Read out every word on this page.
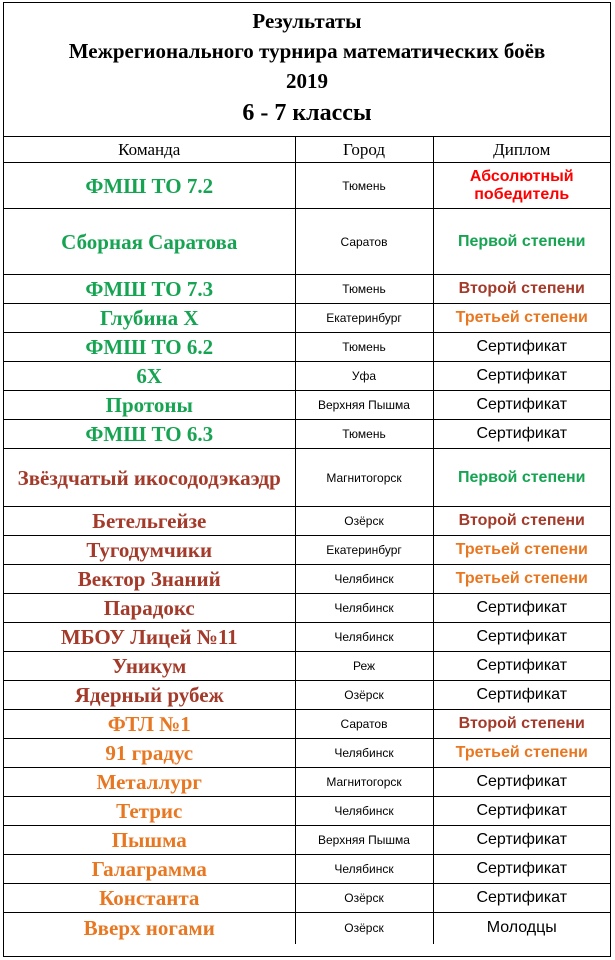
Результаты
Межрегионального турнира математических боёв
2019
6 - 7 классы
Команда	Город	Диплом
ФМШ ТО 7.2	Тюмень	Абсолютный победитель
Сборная Саратова	Саратов	Первой степени
ФМШ ТО 7.3	Тюмень	Второй степени
Глубина X	Екатеринбург	Третьей степени
ФМШ ТО 6.2	Тюмень	Сертификат
6X	Уфа	Сертификат
Протоны	Верхняя Пышма	Сертификат
ФМШ ТО 6.3	Тюмень	Сертификат
Звёздчатый икосододэкаэдр	Магнитогорск	Первой степени
Бетельгейзе	Озёрск	Второй степени
Тугодумчики	Екатеринбург	Третьей степени
Вектор Знаний	Челябинск	Третьей степени
Парадокс	Челябинск	Сертификат
МБОУ Лицей №11	Челябинск	Сертификат
Уникум	Реж	Сертификат
Ядерный рубеж	Озёрск	Сертификат
ФТЛ №1	Саратов	Второй степени
91 градус	Челябинск	Третьей степени
Металлург	Магнитогорск	Сертификат
Тетрис	Челябинск	Сертификат
Пышма	Верхняя Пышма	Сертификат
Галаграмма	Челябинск	Сертификат
Константа	Озёрск	Сертификат
Вверх ногами	Озёрск	Молодцы
